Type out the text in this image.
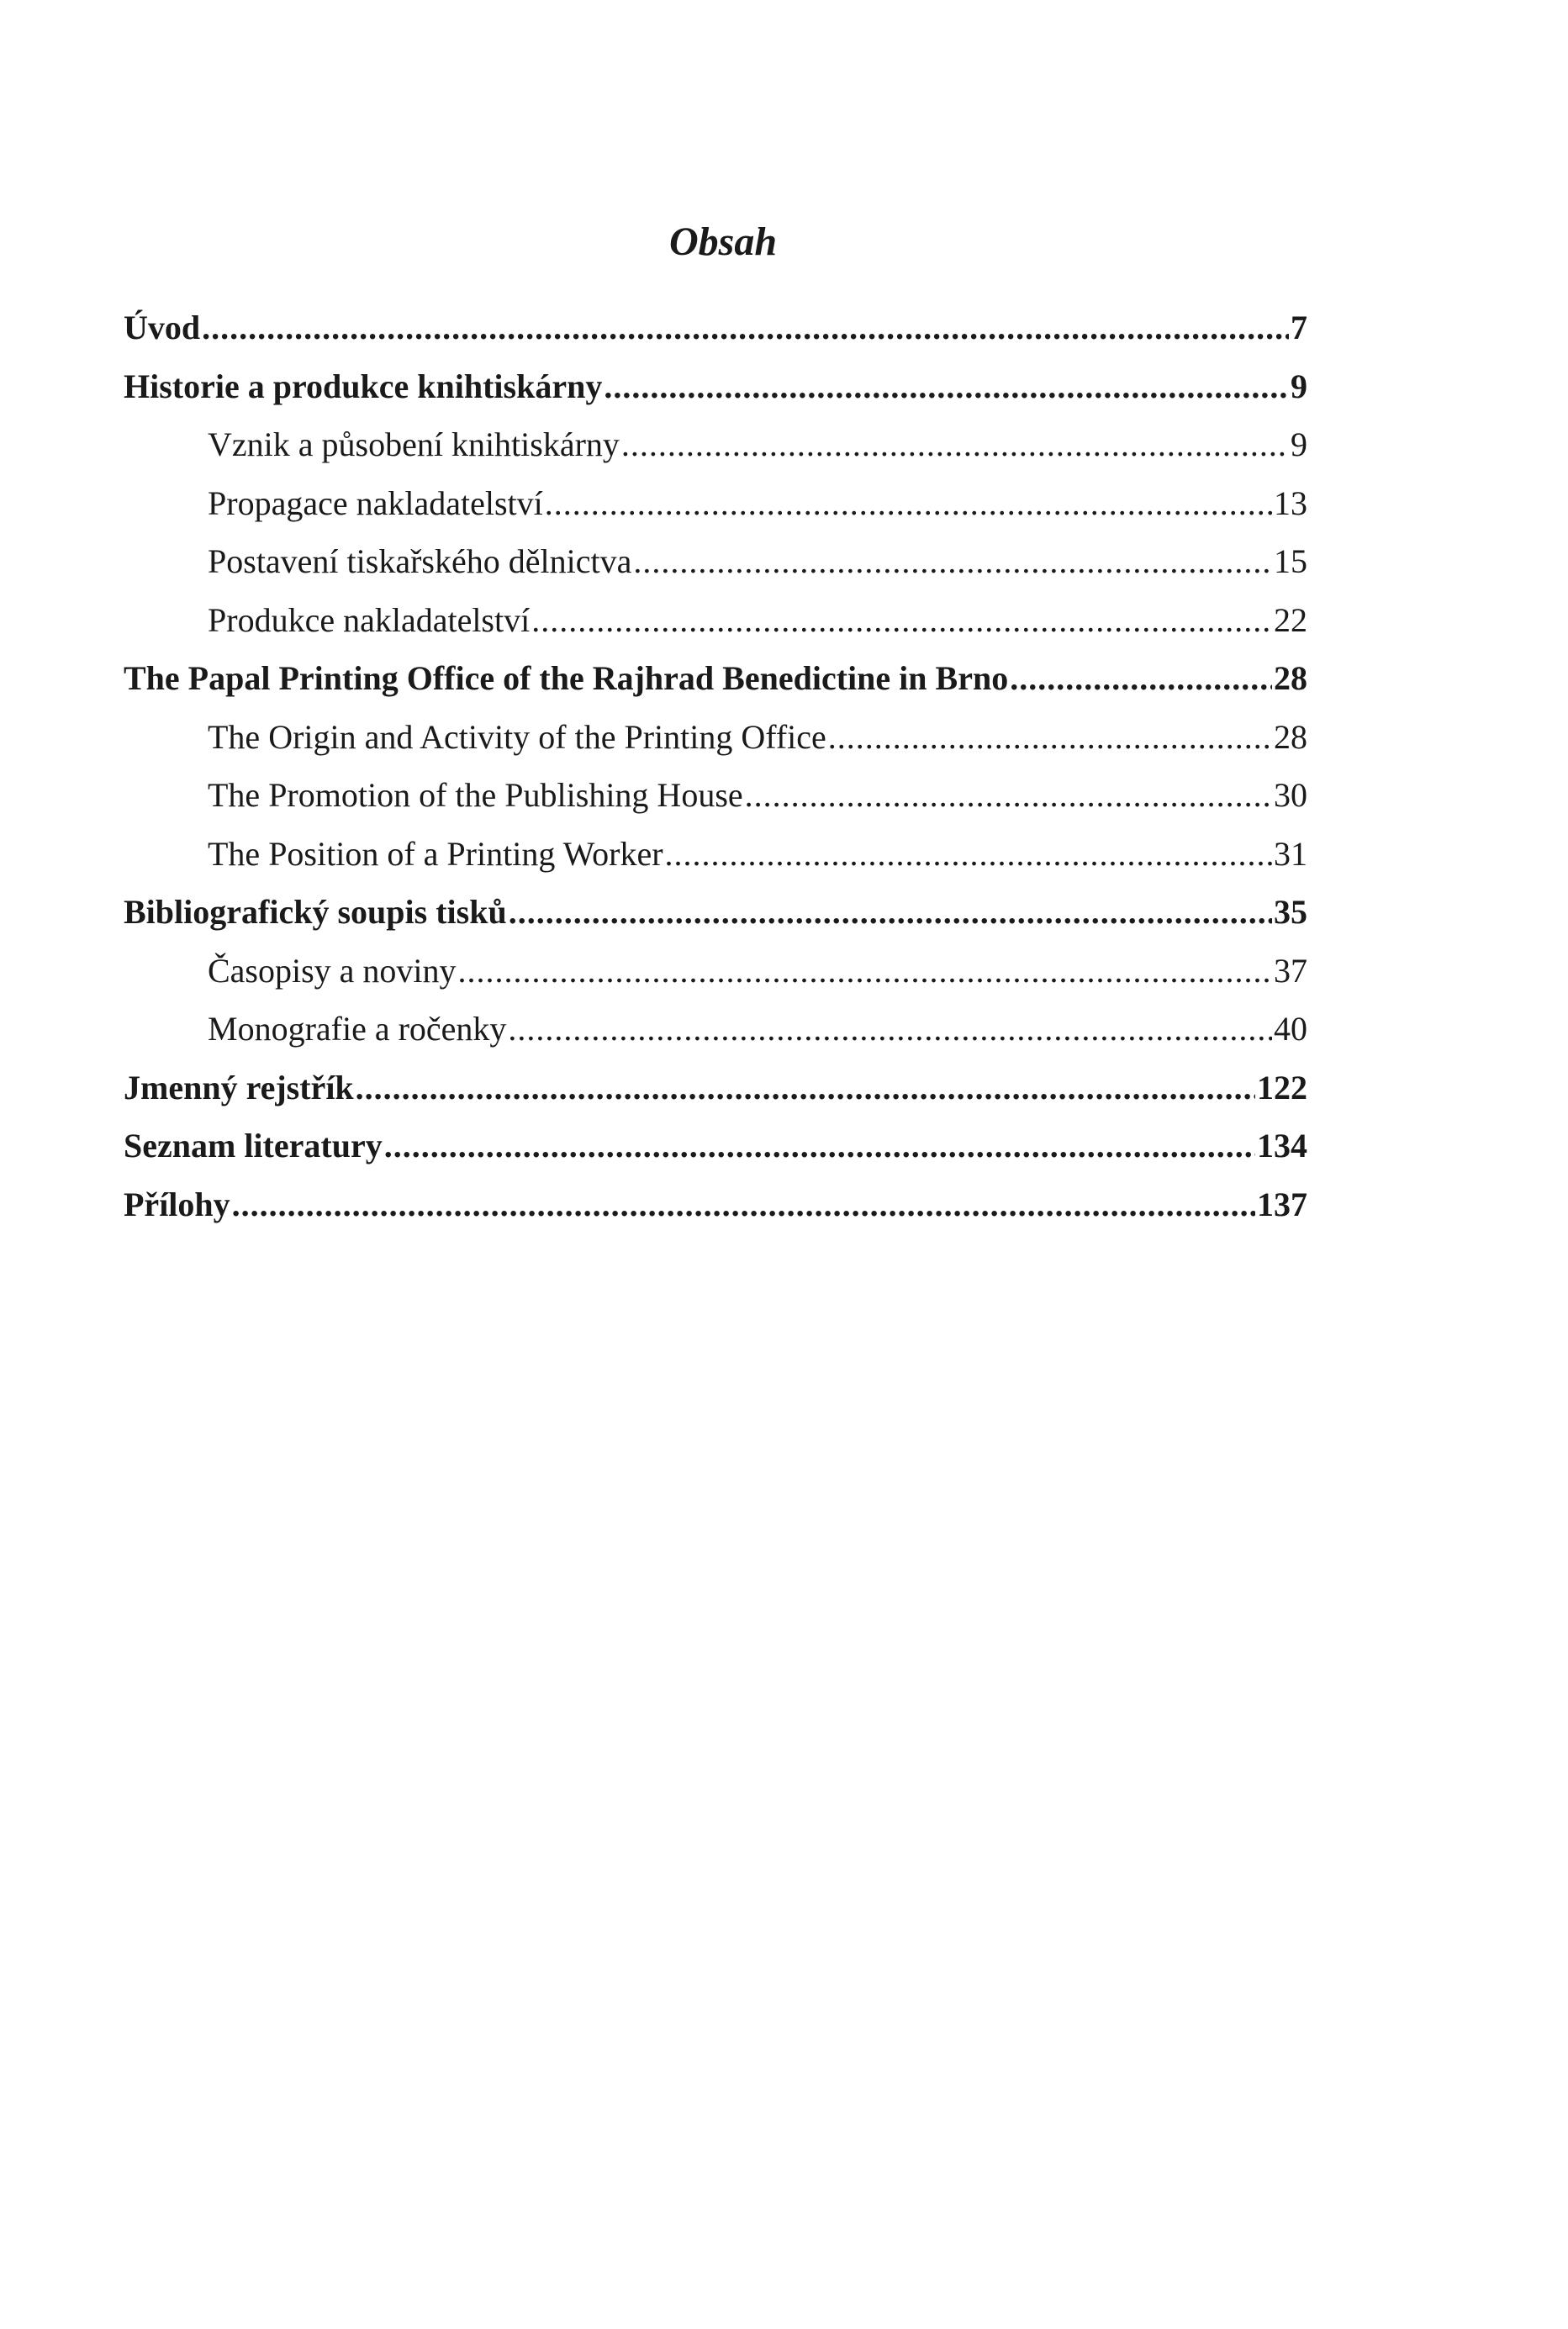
Obsah
Úvod .....	7
Historie a produkce knihtiskárny .....	9
Vznik a působení knihtiskárny .....	9
Propagace nakladatelství .....	13
Postavení tiskařského dělnictva .....	15
Produkce nakladatelství .....	22
The Papal Printing Office of the Rajhrad Benedictine in Brno .....	28
The Origin and Activity of the Printing Office .....	28
The Promotion of the Publishing House .....	30
The Position of a Printing Worker .....	31
Bibliografický soupis tisků .....	35
Časopisy a noviny .....	37
Monografie a ročenky .....	40
Jmenný rejstřík .....	122
Seznam literatury .....	134
Přílohy .....	137
